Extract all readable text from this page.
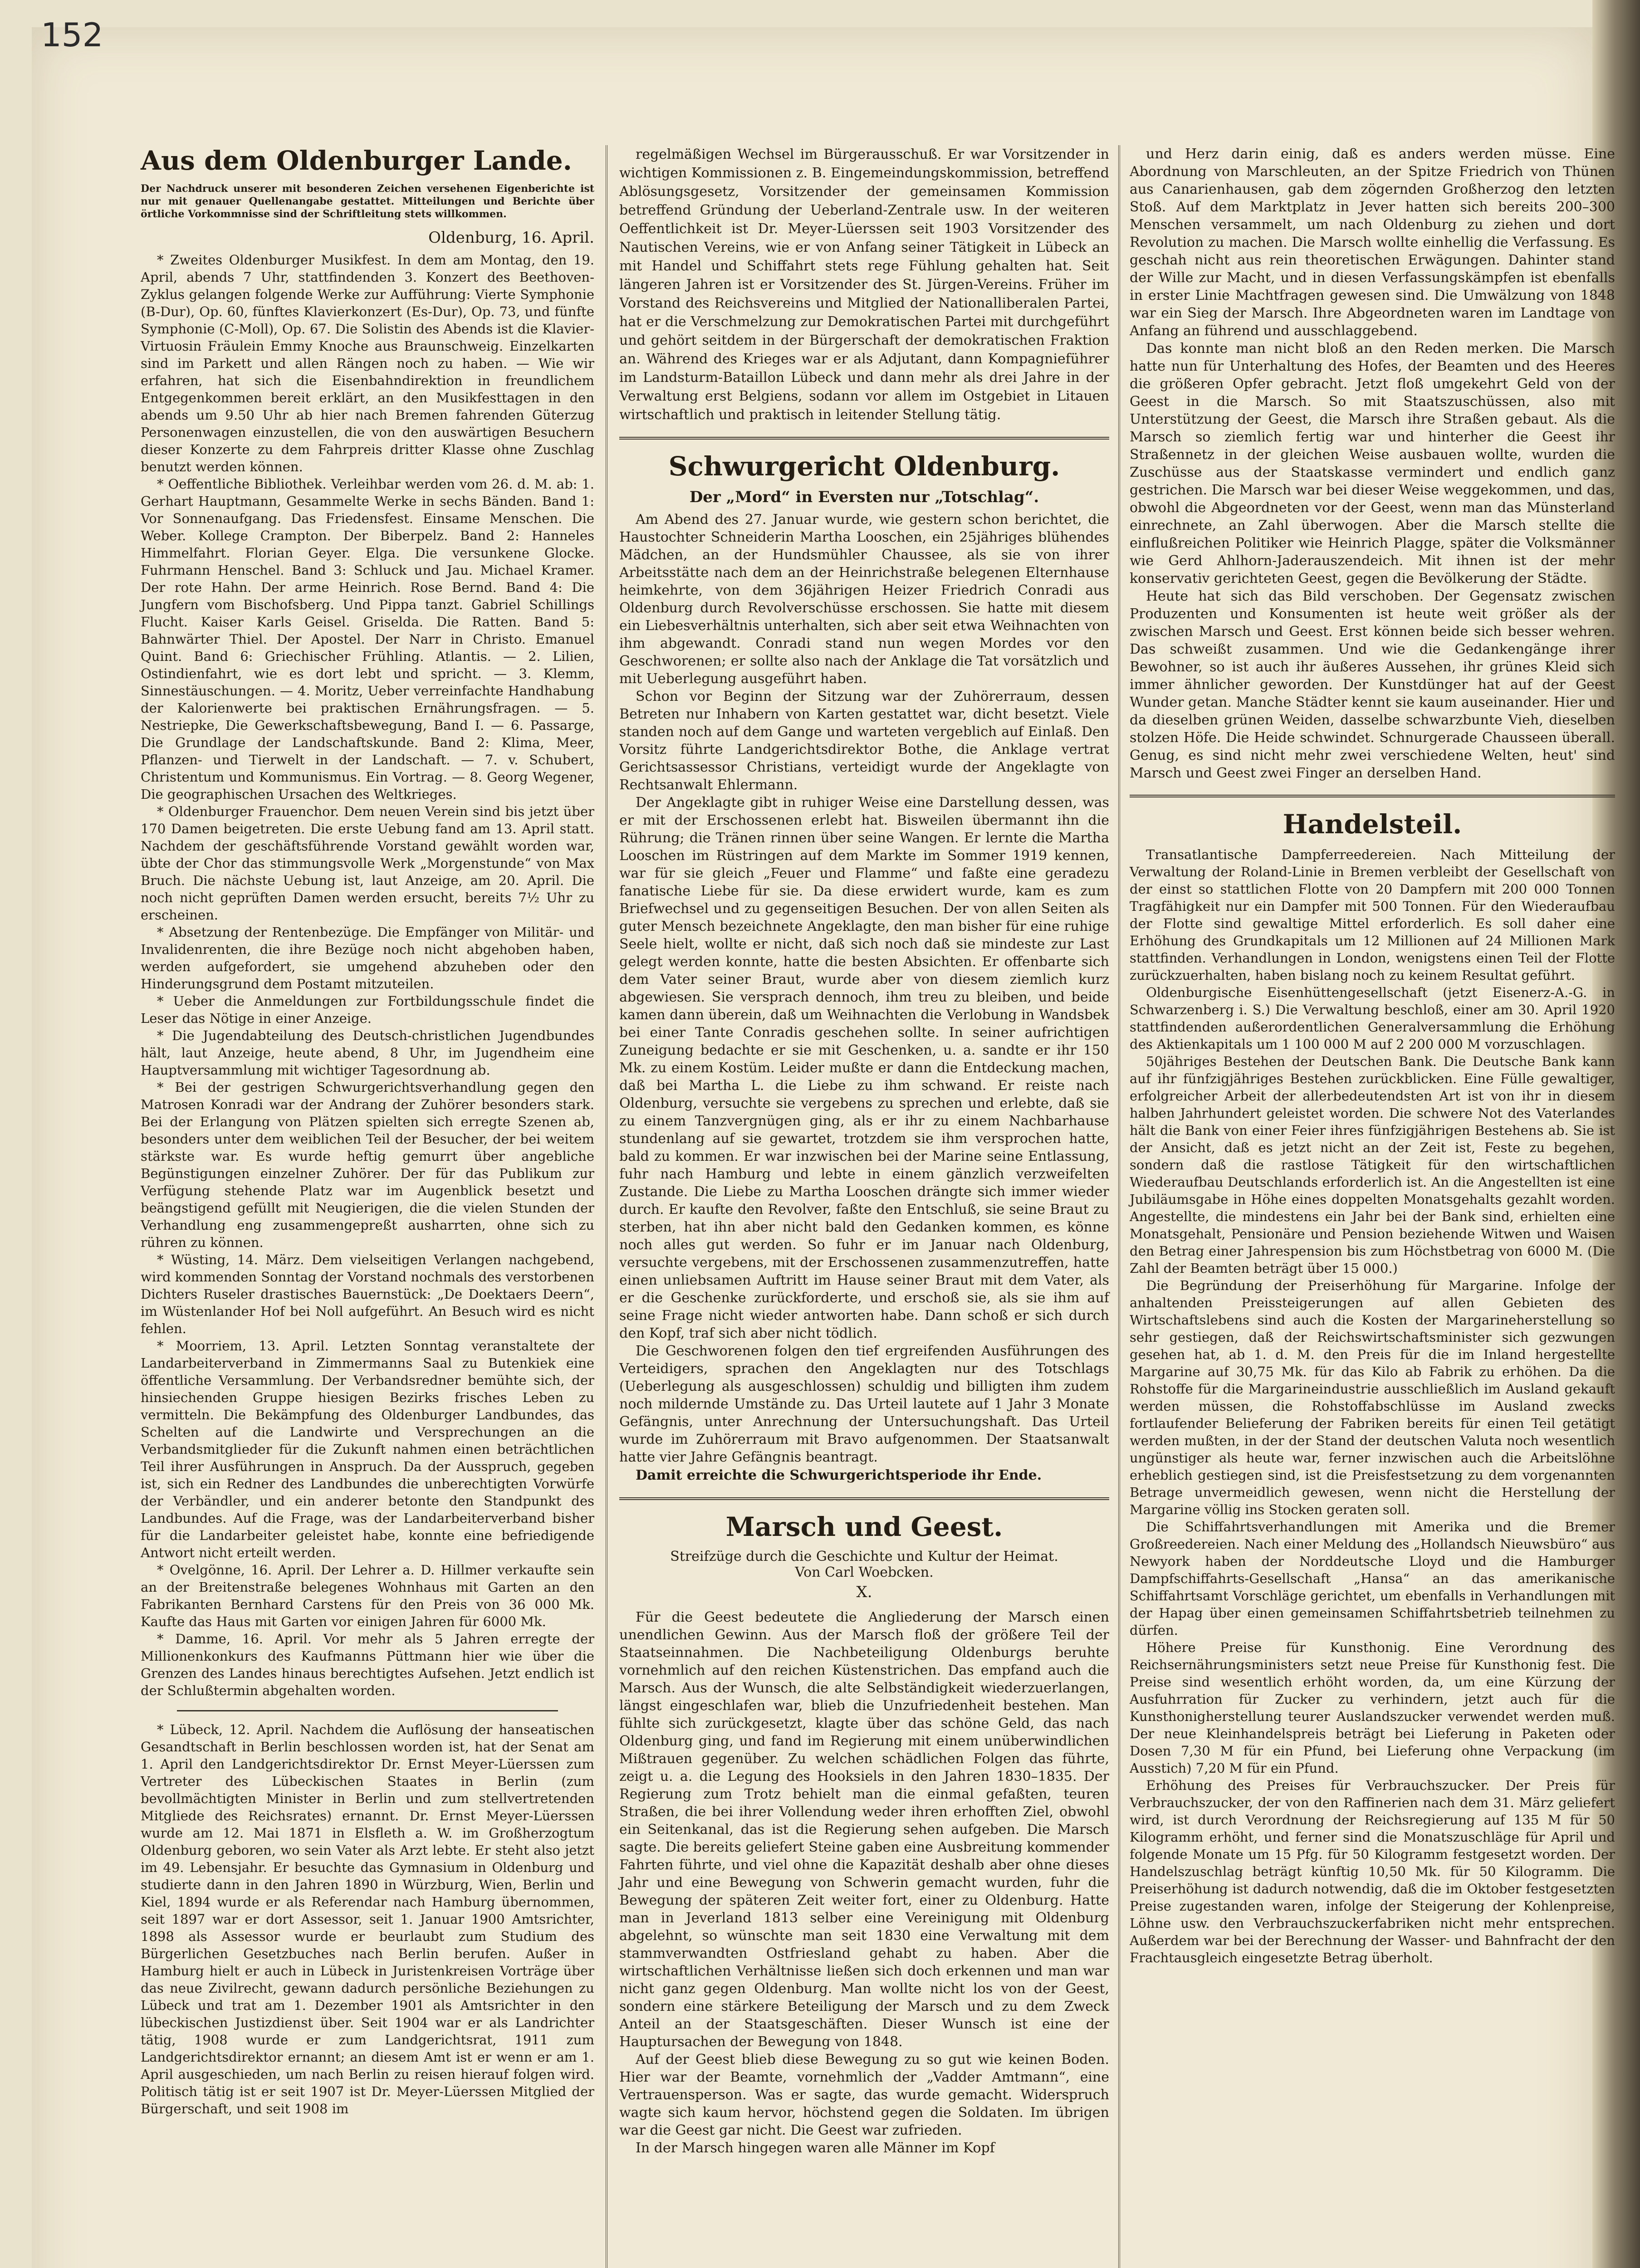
152
Aus dem Oldenburger Lande.

Der Nachdruck unserer mit besonderen Zeichen versehenen Eigenberichte ist nur mit genauer Quellenangabe gestattet. Mitteilungen und Berichte über örtliche Vorkommnisse sind der Schriftleitung stets willkommen.

Oldenburg, 16. April.

* Zweites Oldenburger Musikfest. In dem am Montag, den 19. April, abends 7 Uhr, stattfindenden 3. Konzert des Beethoven-Zyklus gelangen folgende Werke zur Aufführung: Vierte Symphonie (B-Dur), Op. 60, fünftes Klavierkonzert (Es-Dur), Op. 73, und fünfte Symphonie (C-Moll), Op. 67. Die Solistin des Abends ist die Klavier-Virtuosin Fräulein Emmy Knoche aus Braunschweig. Einzelkarten sind im Parkett und allen Rängen noch zu haben. — Wie wir erfahren, hat sich die Eisenbahndirektion in freundlichem Entgegenkommen bereit erklärt, an den Musikfesttagen in den abends um 9.50 Uhr ab hier nach Bremen fahrenden Güterzug Personenwagen einzustellen, die von den auswärtigen Besuchern dieser Konzerte zu dem Fahrpreis dritter Klasse ohne Zuschlag benutzt werden können.

* Oeffentliche Bibliothek. Verleihbar werden vom 26. d. M. ab: 1. Gerhart Hauptmann, Gesammelte Werke in sechs Bänden. Band 1: Vor Sonnenaufgang. Das Friedensfest. Einsame Menschen. Die Weber. Kollege Crampton. Der Biberpelz. Band 2: Hanneles Himmelfahrt. Florian Geyer. Elga. Die versunkene Glocke. Fuhrmann Henschel. Band 3: Schluck und Jau. Michael Kramer. Der rote Hahn. Der arme Heinrich. Rose Bernd. Band 4: Die Jungfern vom Bischofsberg. Und Pippa tanzt. Gabriel Schillings Flucht. Kaiser Karls Geisel. Griselda. Die Ratten. Band 5: Bahnwärter Thiel. Der Apostel. Der Narr in Christo. Emanuel Quint. Band 6: Griechischer Frühling. Atlantis. — 2. Lilien, Ostindienfahrt, wie es dort lebt und spricht. — 3. Klemm, Sinnestäuschungen. — 4. Moritz, Ueber verreinfachte Handhabung der Kalorienwerte bei praktischen Ernährungsfragen. — 5. Nestriepke, Die Gewerkschaftsbewegung, Band I. — 6. Passarge, Die Grundlage der Landschaftskunde. Band 2: Klima, Meer, Pflanzen- und Tierwelt in der Landschaft. — 7. v. Schubert, Christentum und Kommunismus. Ein Vortrag. — 8. Georg Wegener, Die geographischen Ursachen des Weltkrieges.

* Oldenburger Frauenchor. Dem neuen Verein sind bis jetzt über 170 Damen beigetreten. Die erste Uebung fand am 13. April statt. Nachdem der geschäftsführende Vorstand gewählt worden war, übte der Chor das stimmungsvolle Werk „Morgenstunde“ von Max Bruch. Die nächste Uebung ist, laut Anzeige, am 20. April. Die noch nicht geprüften Damen werden ersucht, bereits 7½ Uhr zu erscheinen.

* Absetzung der Rentenbezüge. Die Empfänger von Militär- und Invalidenrenten, die ihre Bezüge noch nicht abgehoben haben, werden aufgefordert, sie umgehend abzuheben oder den Hinderungsgrund dem Postamt mitzuteilen.

* Ueber die Anmeldungen zur Fortbildungsschule findet die Leser das Nötige in einer Anzeige.

* Die Jugendabteilung des Deutsch-christlichen Jugendbundes hält, laut Anzeige, heute abend, 8 Uhr, im Jugendheim eine Hauptversammlung mit wichtiger Tagesordnung ab.

* Bei der gestrigen Schwurgerichtsverhandlung gegen den Matrosen Konradi war der Andrang der Zuhörer besonders stark. Bei der Erlangung von Plätzen spielten sich erregte Szenen ab, besonders unter dem weiblichen Teil der Besucher, der bei weitem stärkste war. Es wurde heftig gemurrt über angebliche Begünstigungen einzelner Zuhörer. Der für das Publikum zur Verfügung stehende Platz war im Augenblick besetzt und beängstigend gefüllt mit Neugierigen, die die vielen Stunden der Verhandlung eng zusammengepreßt ausharrten, ohne sich zu rühren zu können.

* Wüsting, 14. März. Dem vielseitigen Verlangen nachgebend, wird kommenden Sonntag der Vorstand nochmals des verstorbenen Dichters Ruseler drastisches Bauernstück: „De Doektaers Deern“, im Wüstenlander Hof bei Noll aufgeführt. An Besuch wird es nicht fehlen.

* Moorriem, 13. April. Letzten Sonntag veranstaltete der Landarbeiterverband in Zimmermanns Saal zu Butenkiek eine öffentliche Versammlung. Der Verbandsredner bemühte sich, der hinsiechenden Gruppe hiesigen Bezirks frisches Leben zu vermitteln. Die Bekämpfung des Oldenburger Landbundes, das Schelten auf die Landwirte und Versprechungen an die Verbandsmitglieder für die Zukunft nahmen einen beträchtlichen Teil ihrer Ausführungen in Anspruch. Da der Ausspruch, gegeben ist, sich ein Redner des Landbundes die unberechtigten Vorwürfe der Verbändler, und ein anderer betonte den Standpunkt des Landbundes. Auf die Frage, was der Landarbeiterverband bisher für die Landarbeiter geleistet habe, konnte eine befriedigende Antwort nicht erteilt werden.

* Ovelgönne, 16. April. Der Lehrer a. D. Hillmer verkaufte sein an der Breitenstraße belegenes Wohnhaus mit Garten an den Fabrikanten Bernhard Carstens für den Preis von 36 000 Mk. Kaufte das Haus mit Garten vor einigen Jahren für 6000 Mk.

* Damme, 16. April. Vor mehr als 5 Jahren erregte der Millionenkonkurs des Kaufmanns Püttmann hier wie über die Grenzen des Landes hinaus berechtigtes Aufsehen. Jetzt endlich ist der Schlußtermin abgehalten worden.

* Lübeck, 12. April. Nachdem die Auflösung der hanseatischen Gesandtschaft in Berlin beschlossen worden ist, hat der Senat am 1. April den Landgerichtsdirektor Dr. Ernst Meyer-Lüerssen zum Vertreter des Lübeckischen Staates in Berlin (zum bevollmächtigten Minister in Berlin und zum stellvertretenden Mitgliede des Reichsrates) ernannt. Dr. Ernst Meyer-Lüerssen wurde am 12. Mai 1871 in Elsfleth a. W. im Großherzogtum Oldenburg geboren, wo sein Vater als Arzt lebte. Er steht also jetzt im 49. Lebensjahr. Er besuchte das Gymnasium in Oldenburg und studierte dann in den Jahren 1890 in Würzburg, Wien, Berlin und Kiel, 1894 wurde er als Referendar nach Hamburg übernommen, seit 1897 war er dort Assessor, seit 1. Januar 1900 Amtsrichter, 1898 als Assessor wurde er beurlaubt zum Studium des Bürgerlichen Gesetzbuches nach Berlin berufen. Außer in Hamburg hielt er auch in Lübeck in Juristenkreisen Vorträge über das neue Zivilrecht, gewann dadurch persönliche Beziehungen zu Lübeck und trat am 1. Dezember 1901 als Amtsrichter in den lübeckischen Justizdienst über. Seit 1904 war er als Landrichter tätig, 1908 wurde er zum Landgerichtsrat, 1911 zum Landgerichtsdirektor ernannt; an diesem Amt ist er wenn er am 1. April ausgeschieden, um nach Berlin zu reisen hierauf folgen wird. Politisch tätig ist er seit 1907 ist Dr. Meyer-Lüerssen Mitglied der Bürgerschaft, und seit 1908 im

regelmäßigen Wechsel im Bürgerausschuß. Er war Vorsitzender in wichtigen Kommissionen z. B. Eingemeindungskommission, betreffend Ablösungsgesetz, Vorsitzender der gemeinsamen Kommission betreffend Gründung der Ueberland-Zentrale usw. In der weiteren Oeffentlichkeit ist Dr. Meyer-Lüerssen seit 1903 Vorsitzender des Nautischen Vereins, wie er von Anfang seiner Tätigkeit in Lübeck an mit Handel und Schiffahrt stets rege Fühlung gehalten hat. Seit längeren Jahren ist er Vorsitzender des St. Jürgen-Vereins. Früher im Vorstand des Reichsvereins und Mitglied der Nationalliberalen Partei, hat er die Verschmelzung zur Demokratischen Partei mit durchgeführt und gehört seitdem in der Bürgerschaft der demokratischen Fraktion an. Während des Krieges war er als Adjutant, dann Kompagnieführer im Landsturm-Bataillon Lübeck und dann mehr als drei Jahre in der Verwaltung erst Belgiens, sodann vor allem im Ostgebiet in Litauen wirtschaftlich und praktisch in leitender Stellung tätig.

Schwurgericht Oldenburg.

Der „Mord“ in Eversten nur „Totschlag“.

Am Abend des 27. Januar wurde, wie gestern schon berichtet, die Haustochter Schneiderin Martha Looschen, ein 25jähriges blühendes Mädchen, an der Hundsmühler Chaussee, als sie von ihrer Arbeitsstätte nach dem an der Heinrichstraße belegenen Elternhause heimkehrte, von dem 36jährigen Heizer Friedrich Conradi aus Oldenburg durch Revolverschüsse erschossen. Sie hatte mit diesem ein Liebesverhältnis unterhalten, sich aber seit etwa Weihnachten von ihm abgewandt. Conradi stand nun wegen Mordes vor den Geschworenen; er sollte also nach der Anklage die Tat vorsätzlich und mit Ueberlegung ausgeführt haben.

Schon vor Beginn der Sitzung war der Zuhörerraum, dessen Betreten nur Inhabern von Karten gestattet war, dicht besetzt. Viele standen noch auf dem Gange und warteten vergeblich auf Einlaß. Den Vorsitz führte Landgerichtsdirektor Bothe, die Anklage vertrat Gerichtsassessor Christians, verteidigt wurde der Angeklagte von Rechtsanwalt Ehlermann.

Der Angeklagte gibt in ruhiger Weise eine Darstellung dessen, was er mit der Erschossenen erlebt hat. Bisweilen übermannt ihn die Rührung; die Tränen rinnen über seine Wangen. Er lernte die Martha Looschen im Rüstringen auf dem Markte im Sommer 1919 kennen, war für sie gleich „Feuer und Flamme“ und faßte eine geradezu fanatische Liebe für sie. Da diese erwidert wurde, kam es zum Briefwechsel und zu gegenseitigen Besuchen. Der von allen Seiten als guter Mensch bezeichnete Angeklagte, den man bisher für eine ruhige Seele hielt, wollte er nicht, daß sich noch daß sie mindeste zur Last gelegt werden konnte, hatte die besten Absichten. Er offenbarte sich dem Vater seiner Braut, wurde aber von diesem ziemlich kurz abgewiesen. Sie versprach dennoch, ihm treu zu bleiben, und beide kamen dann überein, daß um Weihnachten die Verlobung in Wandsbek bei einer Tante Conradis geschehen sollte. In seiner aufrichtigen Zuneigung bedachte er sie mit Geschenken, u. a. sandte er ihr 150 Mk. zu einem Kostüm. Leider mußte er dann die Entdeckung machen, daß bei Martha L. die Liebe zu ihm schwand. Er reiste nach Oldenburg, versuchte sie vergebens zu sprechen und erlebte, daß sie zu einem Tanzvergnügen ging, als er ihr zu einem Nachbarhause stundenlang auf sie gewartet, trotzdem sie ihm versprochen hatte, bald zu kommen. Er war inzwischen bei der Marine seine Entlassung, fuhr nach Hamburg und lebte in einem gänzlich verzweifelten Zustande. Die Liebe zu Martha Looschen drängte sich immer wieder durch. Er kaufte den Revolver, faßte den Entschluß, sie seine Braut zu sterben, hat ihn aber nicht bald den Gedanken kommen, es könne noch alles gut werden. So fuhr er im Januar nach Oldenburg, versuchte vergebens, mit der Erschossenen zusammenzutreffen, hatte einen unliebsamen Auftritt im Hause seiner Braut mit dem Vater, als er die Geschenke zurückforderte, und erschoß sie, als sie ihm auf seine Frage nicht wieder antworten habe. Dann schoß er sich durch den Kopf, traf sich aber nicht tödlich.

Die Geschworenen folgen den tief ergreifenden Ausführungen des Verteidigers, sprachen den Angeklagten nur des Totschlags (Ueberlegung als ausgeschlossen) schuldig und billigten ihm zudem noch mildernde Umstände zu. Das Urteil lautete auf 1 Jahr 3 Monate Gefängnis, unter Anrechnung der Untersuchungshaft. Das Urteil wurde im Zuhörerraum mit Bravo aufgenommen. Der Staatsanwalt hatte vier Jahre Gefängnis beantragt.

Damit erreichte die Schwurgerichtsperiode ihr Ende.

Marsch und Geest.

Streifzüge durch die Geschichte und Kultur der Heimat.

Von Carl Woebcken.

X.

Für die Geest bedeutete die Angliederung der Marsch einen unendlichen Gewinn. Aus der Marsch floß der größere Teil der Staatseinnahmen. Die Nachbeteiligung Oldenburgs beruhte vornehmlich auf den reichen Küstenstrichen. Das empfand auch die Marsch. Aus der Wunsch, die alte Selbständigkeit wiederzuerlangen, längst eingeschlafen war, blieb die Unzufriedenheit bestehen. Man fühlte sich zurückgesetzt, klagte über das schöne Geld, das nach Oldenburg ging, und fand im Regierung mit einem unüberwindlichen Mißtrauen gegenüber. Zu welchen schädlichen Folgen das führte, zeigt u. a. die Legung des Hooksiels in den Jahren 1830–1835. Der Regierung zum Trotz behielt man die einmal gefaßten, teuren Straßen, die bei ihrer Vollendung weder ihren erhofften Ziel, obwohl ein Seitenkanal, das ist die Regierung sehen aufgeben. Die Marsch sagte. Die bereits geliefert Steine gaben eine Ausbreitung kommender Fahrten führte, und viel ohne die Kapazität deshalb aber ohne dieses Jahr und eine Bewegung von Schwerin gemacht wurden, fuhr die Bewegung der späteren Zeit weiter fort, einer zu Oldenburg. Hatte man in Jeverland 1813 selber eine Vereinigung mit Oldenburg abgelehnt, so wünschte man seit 1830 eine Verwaltung mit dem stammverwandten Ostfriesland gehabt zu haben. Aber die wirtschaftlichen Verhältnisse ließen sich doch erkennen und man war nicht ganz gegen Oldenburg. Man wollte nicht los von der Geest, sondern eine stärkere Beteiligung der Marsch und zu dem Zweck Anteil an der Staatsgeschäften. Dieser Wunsch ist eine der Hauptursachen der Bewegung von 1848.

Auf der Geest blieb diese Bewegung zu so gut wie keinen Boden. Hier war der Beamte, vornehmlich der „Vadder Amtmann“, eine Vertrauensperson. Was er sagte, das wurde gemacht. Widerspruch wagte sich kaum hervor, höchstend gegen die Soldaten. Im übrigen war die Geest gar nicht. Die Geest war zufrieden.

In der Marsch hingegen waren alle Männer im Kopf

und Herz darin einig, daß es anders werden müsse. Eine Abordnung von Marschleuten, an der Spitze Friedrich von Thünen aus Canarienhausen, gab dem zögernden Großherzog den letzten Stoß. Auf dem Marktplatz in Jever hatten sich bereits 200–300 Menschen versammelt, um nach Oldenburg zu ziehen und dort Revolution zu machen. Die Marsch wollte einhellig die Verfassung. Es geschah nicht aus rein theoretischen Erwägungen. Dahinter stand der Wille zur Macht, und in diesen Verfassungskämpfen ist ebenfalls in erster Linie Machtfragen gewesen sind. Die Umwälzung von 1848 war ein Sieg der Marsch. Ihre Abgeordneten waren im Landtage von Anfang an führend und ausschlaggebend.

Das konnte man nicht bloß an den Reden merken. Die Marsch hatte nun für Unterhaltung des Hofes, der Beamten und des Heeres die größeren Opfer gebracht. Jetzt floß umgekehrt Geld von der Geest in die Marsch. So mit Staatszuschüssen, also mit Unterstützung der Geest, die Marsch ihre Straßen gebaut. Als die Marsch so ziemlich fertig war und hinterher die Geest ihr Straßennetz in der gleichen Weise ausbauen wollte, wurden die Zuschüsse aus der Staatskasse vermindert und endlich ganz gestrichen. Die Marsch war bei dieser Weise weggekommen, und das, obwohl die Abgeordneten vor der Geest, wenn man das Münsterland einrechnete, an Zahl überwogen. Aber die Marsch stellte die einflußreichen Politiker wie Heinrich Plagge, später die Volksmänner wie Gerd Ahlhorn-Jaderauszendeich. Mit ihnen ist der mehr konservativ gerichteten Geest, gegen die Bevölkerung der Städte.

Heute hat sich das Bild verschoben. Der Gegensatz zwischen Produzenten und Konsumenten ist heute weit größer als der zwischen Marsch und Geest. Erst können beide sich besser wehren. Das schweißt zusammen. Und wie die Gedankengänge ihrer Bewohner, so ist auch ihr äußeres Aussehen, ihr grünes Kleid sich immer ähnlicher geworden. Der Kunstdünger hat auf der Geest Wunder getan. Manche Städter kennt sie kaum auseinander. Hier und da dieselben grünen Weiden, dasselbe schwarzbunte Vieh, dieselben stolzen Höfe. Die Heide schwindet. Schnurgerade Chausseen überall. Genug, es sind nicht mehr zwei verschiedene Welten, heut' sind Marsch und Geest zwei Finger an derselben Hand.

Handelsteil.

Transatlantische Dampferreedereien. Nach Mitteilung der Verwaltung der Roland-Linie in Bremen verbleibt der Gesellschaft von der einst so stattlichen Flotte von 20 Dampfern mit 200 000 Tonnen Tragfähigkeit nur ein Dampfer mit 500 Tonnen. Für den Wiederaufbau der Flotte sind gewaltige Mittel erforderlich. Es soll daher eine Erhöhung des Grundkapitals um 12 Millionen auf 24 Millionen Mark stattfinden. Verhandlungen in London, wenigstens einen Teil der Flotte zurückzuerhalten, haben bislang noch zu keinem Resultat geführt.

Oldenburgische Eisenhüttengesellschaft (jetzt Eisenerz-A.-G. in Schwarzenberg i. S.) Die Verwaltung beschloß, einer am 30. April 1920 stattfindenden außerordentlichen Generalversammlung die Erhöhung des Aktienkapitals um 1 100 000 M auf 2 200 000 M vorzuschlagen.

50jähriges Bestehen der Deutschen Bank. Die Deutsche Bank kann auf ihr fünfzigjähriges Bestehen zurückblicken. Eine Fülle gewaltiger, erfolgreicher Arbeit der allerbedeutendsten Art ist von ihr in diesem halben Jahrhundert geleistet worden. Die schwere Not des Vaterlandes hält die Bank von einer Feier ihres fünfzigjährigen Bestehens ab. Sie ist der Ansicht, daß es jetzt nicht an der Zeit ist, Feste zu begehen, sondern daß die rastlose Tätigkeit für den wirtschaftlichen Wiederaufbau Deutschlands erforderlich ist. An die Angestellten ist eine Jubiläumsgabe in Höhe eines doppelten Monatsgehalts gezahlt worden. Angestellte, die mindestens ein Jahr bei der Bank sind, erhielten eine Monatsgehalt, Pensionäre und Pension beziehende Witwen und Waisen den Betrag einer Jahrespension bis zum Höchstbetrag von 6000 M. (Die Zahl der Beamten beträgt über 15 000.)

Die Begründung der Preiserhöhung für Margarine. Infolge der anhaltenden Preissteigerungen auf allen Gebieten des Wirtschaftslebens sind auch die Kosten der Margarineherstellung so sehr gestiegen, daß der Reichswirtschaftsminister sich gezwungen gesehen hat, ab 1. d. M. den Preis für die im Inland hergestellte Margarine auf 30,75 Mk. für das Kilo ab Fabrik zu erhöhen. Da die Rohstoffe für die Margarineindustrie ausschließlich im Ausland gekauft werden müssen, die Rohstoffabschlüsse im Ausland zwecks fortlaufender Belieferung der Fabriken bereits für einen Teil getätigt werden mußten, in der der Stand der deutschen Valuta noch wesentlich ungünstiger als heute war, ferner inzwischen auch die Arbeitslöhne erheblich gestiegen sind, ist die Preisfestsetzung zu dem vorgenannten Betrage unvermeidlich gewesen, wenn nicht die Herstellung der Margarine völlig ins Stocken geraten soll.

Die Schiffahrtsverhandlungen mit Amerika und die Bremer Großreedereien. Nach einer Meldung des „Hollandsch Nieuwsbüro“ aus Newyork haben der Norddeutsche Lloyd und die Hamburger Dampfschiffahrts-Gesellschaft „Hansa“ an das amerikanische Schiffahrtsamt Vorschläge gerichtet, um ebenfalls in Verhandlungen mit der Hapag über einen gemeinsamen Schiffahrtsbetrieb teilnehmen zu dürfen.

Höhere Preise für Kunsthonig. Eine Verordnung des Reichsernährungsministers setzt neue Preise für Kunsthonig fest. Die Preise sind wesentlich erhöht worden, da, um eine Kürzung der Ausfuhrration für Zucker zu verhindern, jetzt auch für die Kunsthonigherstellung teurer Auslandszucker verwendet werden muß. Der neue Kleinhandelspreis beträgt bei Lieferung in Paketen oder Dosen 7,30 M für ein Pfund, bei Lieferung ohne Verpackung (im Ausstich) 7,20 M für ein Pfund.

Erhöhung des Preises für Verbrauchszucker. Der Preis für Verbrauchszucker, der von den Raffinerien nach dem 31. März geliefert wird, ist durch Verordnung der Reichsregierung auf 135 M für 50 Kilogramm erhöht, und ferner sind die Monatszuschläge für April und folgende Monate um 15 Pfg. für 50 Kilogramm festgesetzt worden. Der Handelszuschlag beträgt künftig 10,50 Mk. für 50 Kilogramm. Die Preiserhöhung ist dadurch notwendig, daß die im Oktober festgesetzten Preise zugestanden waren, infolge der Steigerung der Kohlenpreise, Löhne usw. den Verbrauchszuckerfabriken nicht mehr entsprechen. Außerdem war bei der Berechnung der Wasser- und Bahnfracht der den Frachtausgleich eingesetzte Betrag überholt.
